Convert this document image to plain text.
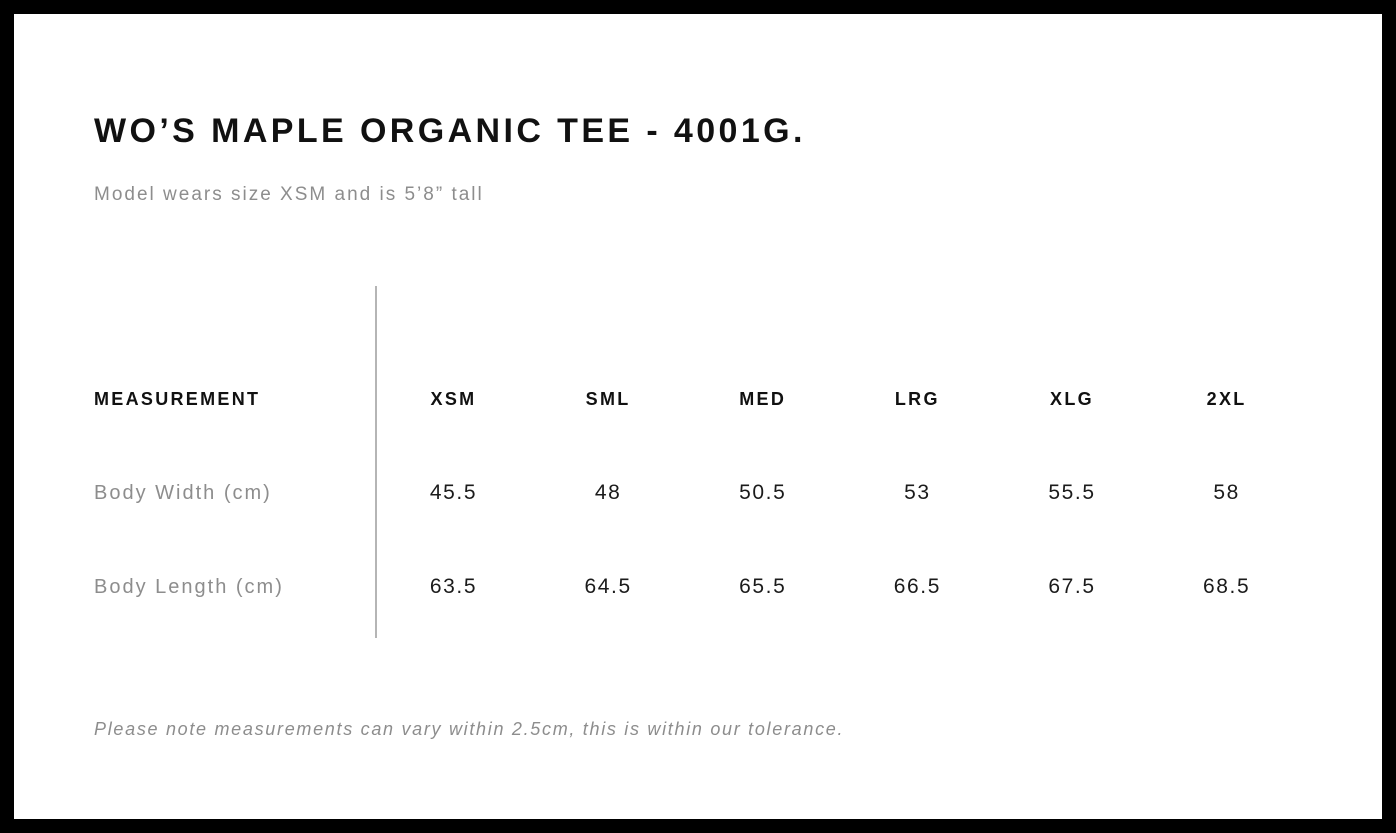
WO’S MAPLE ORGANIC TEE - 4001G.
Model wears size XSM and is 5’8” tall
MEASUREMENT	XSM	SML	MED	LRG	XLG	2XL
Body Width (cm)	45.5	48	50.5	53	55.5	58
Body Length (cm)	63.5	64.5	65.5	66.5	67.5	68.5
Please note measurements can vary within 2.5cm, this is within our tolerance.
